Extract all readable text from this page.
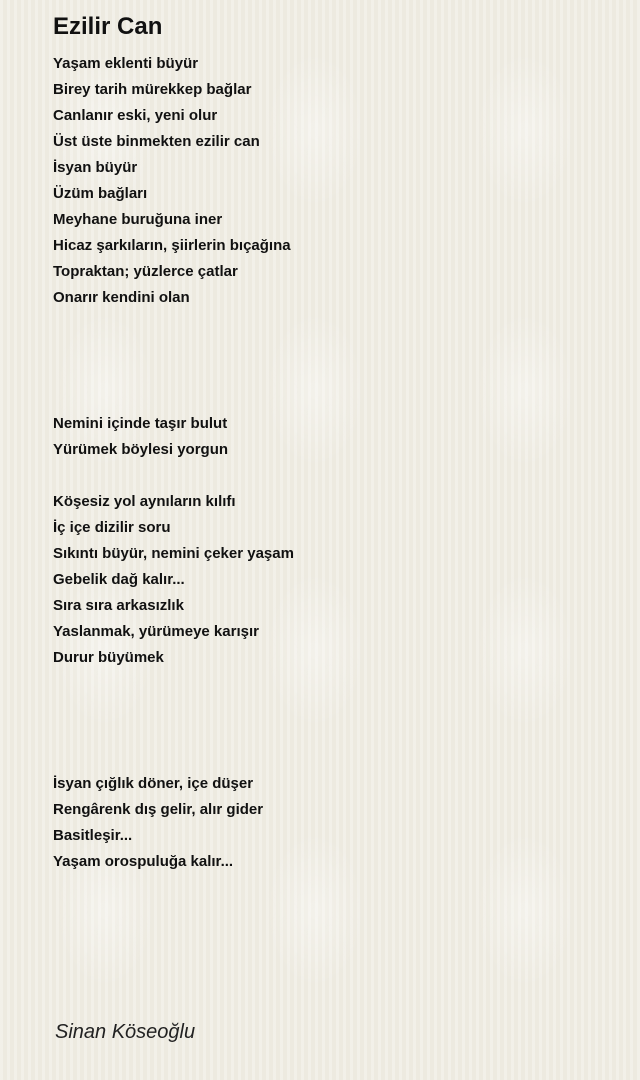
Ezilir Can
Yaşam eklenti büyür
Birey tarih mürekkep bağlar
Canlanır eski, yeni olur
Üst üste binmekten ezilir can
İsyan büyür
Üzüm bağları
Meyhane buruğuna iner
Hicaz şarkıların, şiirlerin bıçağına
Topraktan; yüzlerce çatlar
Onarır kendini olan
Nemini içinde taşır bulut
Yürümek böylesi yorgun
Köşesiz yol aynıların kılıfı
İç içe dizilir soru
Sıkıntı büyür, nemini çeker yaşam
Gebelik dağ kalır...
Sıra sıra arkasızlık
Yaslanmak, yürümeye karışır
Durur büyümek
İsyan çığlık döner, içe düşer
Rengârenk dış gelir, alır gider
Basitleşir...
Yaşam orospuluğa kalır...
Sinan Köseoğlu
